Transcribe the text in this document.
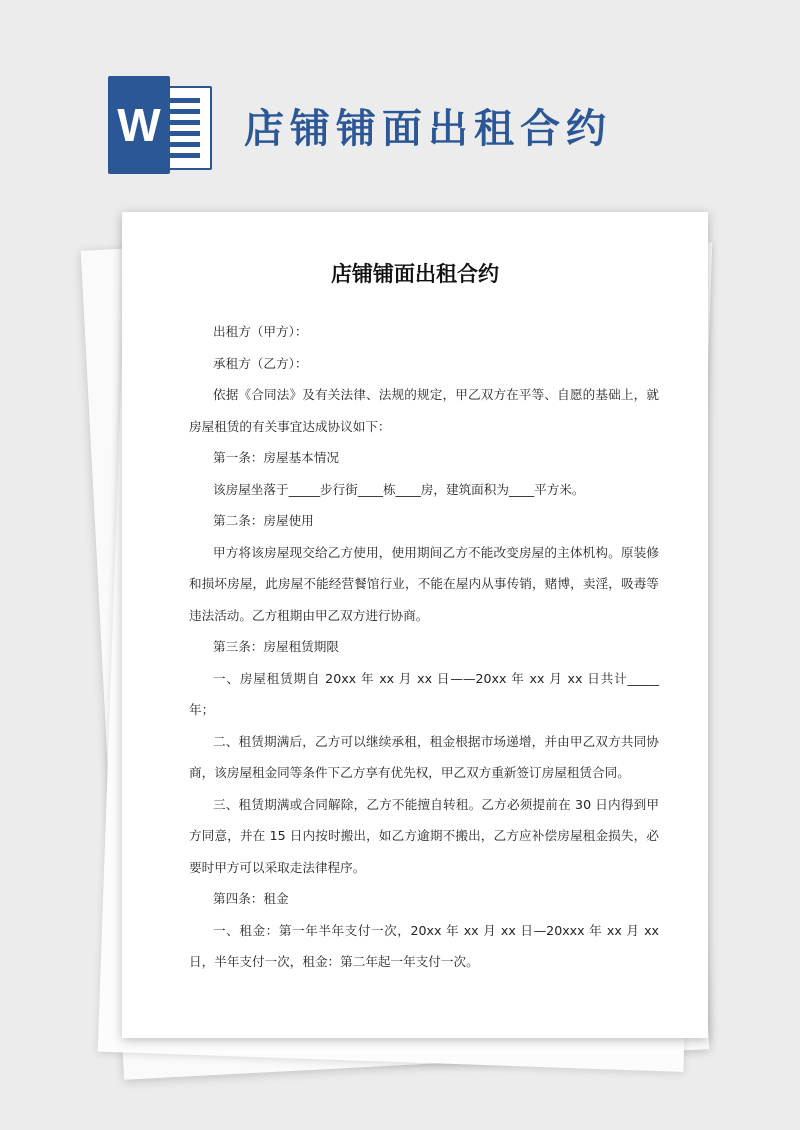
W 店铺铺面出租合约
店铺铺面出租合约

出租方（甲方）：

承租方（乙方）：

依据《合同法》及有关法律、法规的规定，甲乙双方在平等、自愿的基础上，就房屋租赁的有关事宜达成协议如下：

第一条：房屋基本情况

该房屋坐落于_____步行街____栋____房，建筑面积为____平方米。

第二条：房屋使用

甲方将该房屋现交给乙方使用，使用期间乙方不能改变房屋的主体机构。原装修和损坏房屋，此房屋不能经营餐馆行业，不能在屋内从事传销，赌博，卖淫，吸毒等违法活动。乙方租期由甲乙双方进行协商。

第三条：房屋租赁期限

一、房屋租赁期自 20xx 年 xx 月 xx 日——20xx 年 xx 月 xx 日共计_____年；

二、租赁期满后，乙方可以继续承租，租金根据市场递增，并由甲乙双方共同协商，该房屋租金同等条件下乙方享有优先权，甲乙双方重新签订房屋租赁合同。

三、租赁期满或合同解除，乙方不能擅自转租。乙方必须提前在 30 日内得到甲方同意，并在 15 日内按时搬出，如乙方逾期不搬出，乙方应补偿房屋租金损失，必要时甲方可以采取走法律程序。

第四条：租金

一、租金：第一年半年支付一次，20xx 年 xx 月 xx 日—20xxx 年 xx 月 xx 日，半年支付一次，租金：第二年起一年支付一次。
